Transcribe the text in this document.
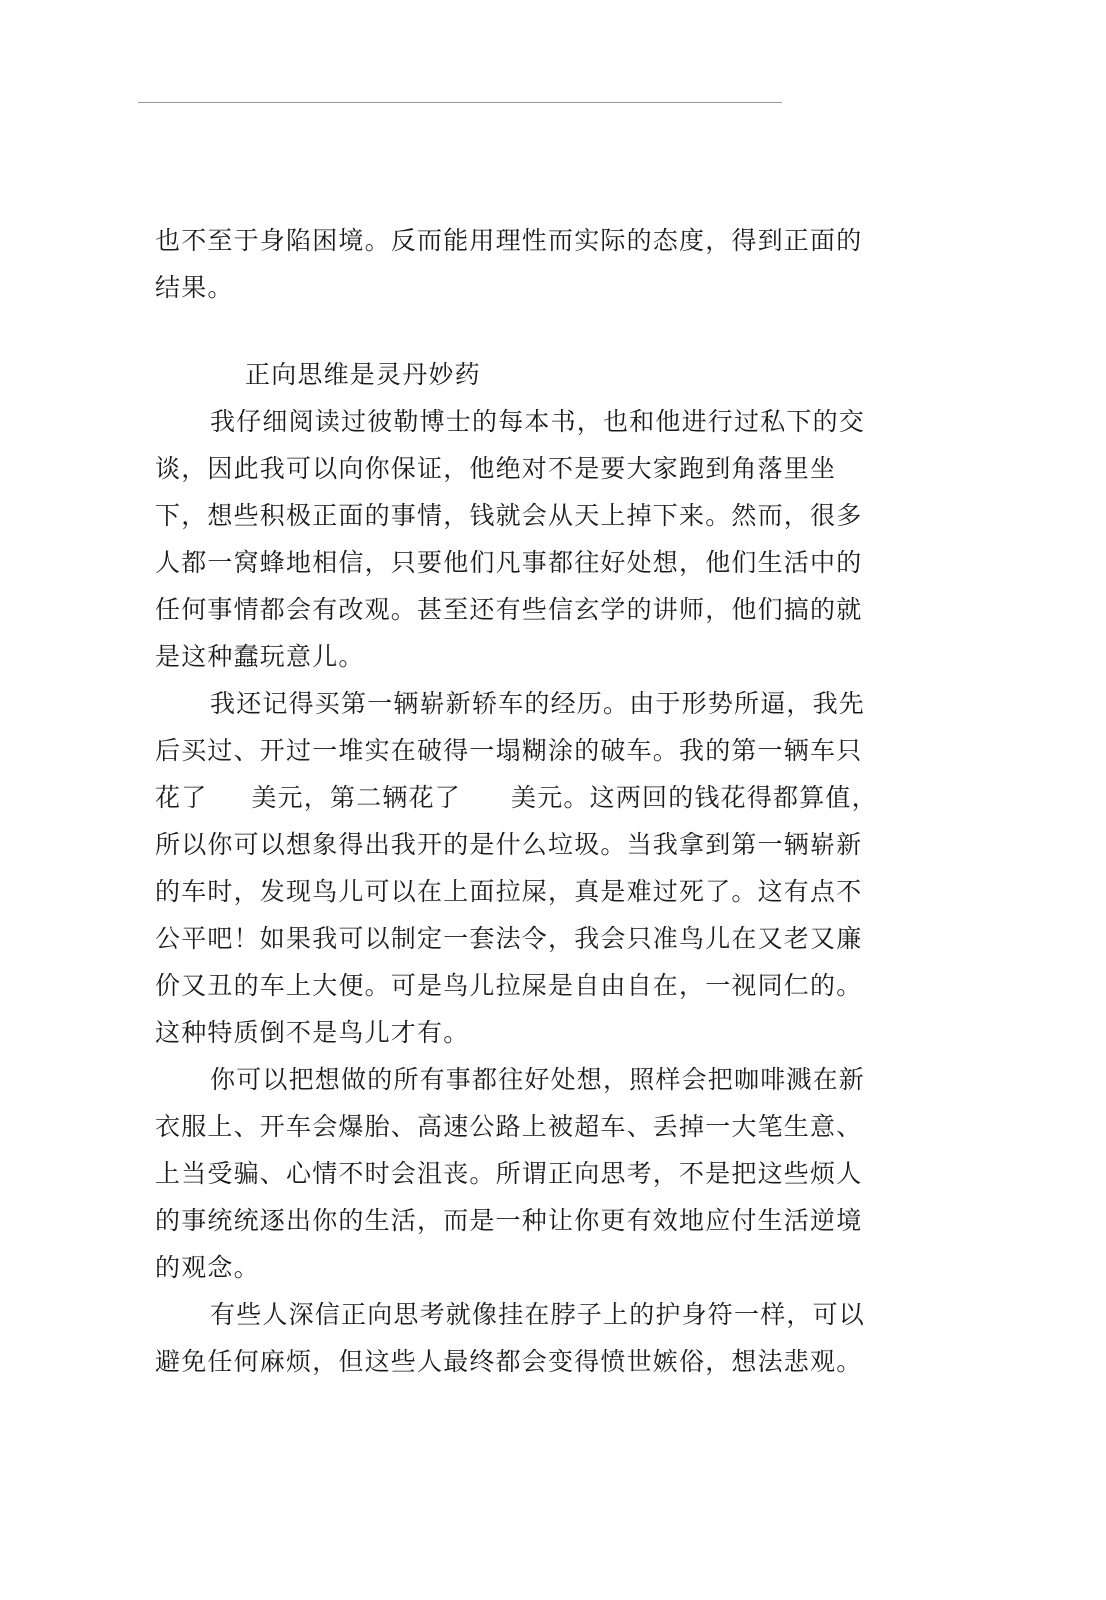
也不至于身陷困境。反而能用理性而实际的态度，得到正面的
结果。
正向思维是灵丹妙药
我仔细阅读过彼勒博士的每本书，也和他进行过私下的交
谈，因此我可以向你保证，他绝对不是要大家跑到角落里坐
下，想些积极正面的事情，钱就会从天上掉下来。然而，很多
人都一窝蜂地相信，只要他们凡事都往好处想，他们生活中的
任何事情都会有改观。甚至还有些信玄学的讲师，他们搞的就
是这种蠢玩意儿。
我还记得买第一辆崭新轿车的经历。由于形势所逼，我先
后买过、开过一堆实在破得一塌糊涂的破车。我的第一辆车只
花了 美元，第二辆花了 美元。这两回的钱花得都算值，
所以你可以想象得出我开的是什么垃圾。当我拿到第一辆崭新
的车时，发现鸟儿可以在上面拉屎，真是难过死了。这有点不
公平吧！如果我可以制定一套法令，我会只准鸟儿在又老又廉
价又丑的车上大便。可是鸟儿拉屎是自由自在，一视同仁的。
这种特质倒不是鸟儿才有。
你可以把想做的所有事都往好处想，照样会把咖啡溅在新
衣服上、开车会爆胎、高速公路上被超车、丢掉一大笔生意、
上当受骗、心情不时会沮丧。所谓正向思考，不是把这些烦人
的事统统逐出你的生活，而是一种让你更有效地应付生活逆境
的观念。
有些人深信正向思考就像挂在脖子上的护身符一样，可以
避免任何麻烦，但这些人最终都会变得愤世嫉俗，想法悲观。
